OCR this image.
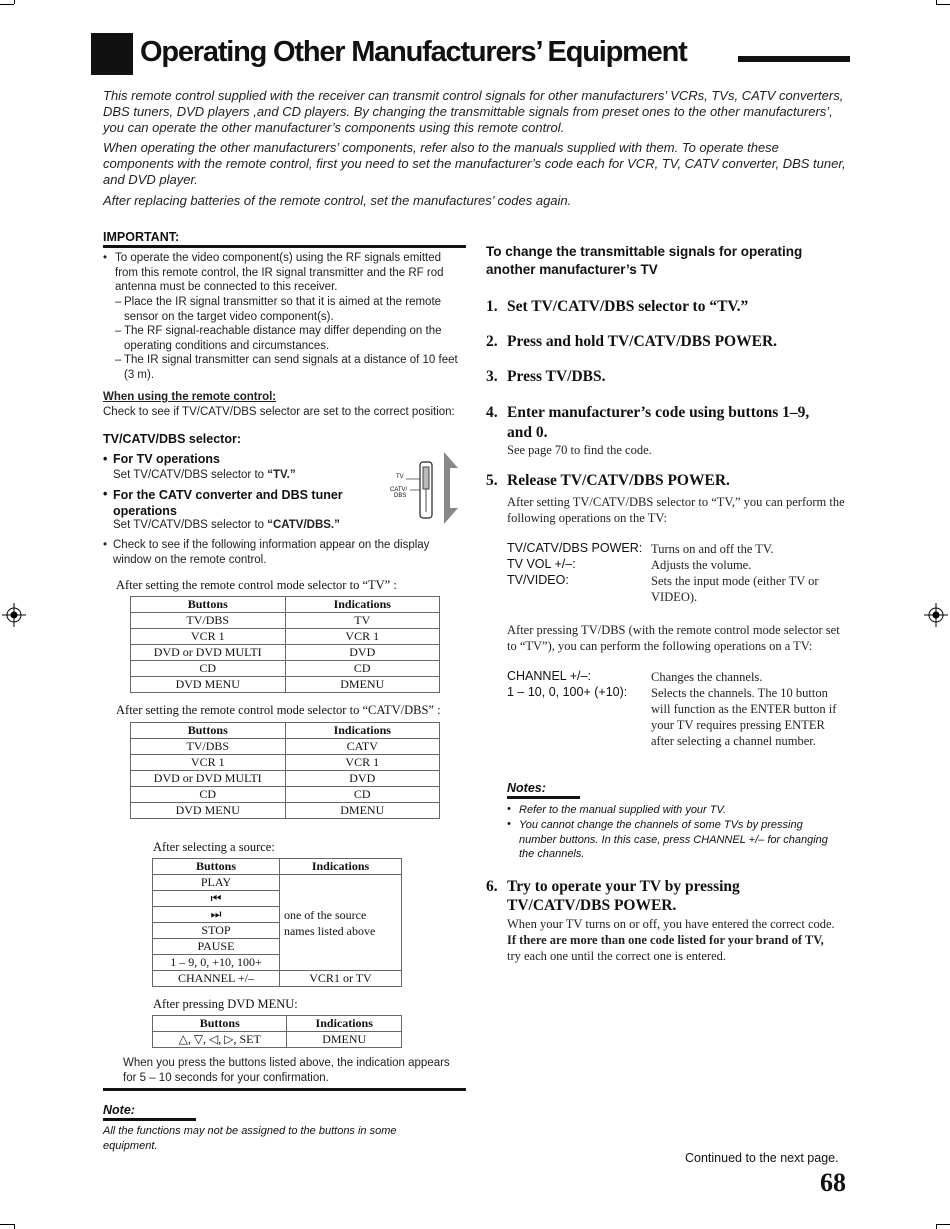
Operating Other Manufacturers’ Equipment
This remote control supplied with the receiver can transmit control signals for other manufacturers’ VCRs, TVs, CATV converters, DBS tuners, DVD players ,and CD players. By changing the transmittable signals from preset ones to the other manufacturers’, you can operate the other manufacturer’s components using this remote control.
When operating the other manufacturers’ components, refer also to the manuals supplied with them. To operate these components with the remote control, first you need to set the manufacturer’s code each for VCR, TV, CATV converter, DBS tuner, and DVD player.
After replacing batteries of the remote control, set the manufactures’ codes again.
IMPORTANT:
• To operate the video component(s) using the RF signals emitted from this remote control, the IR signal transmitter and the RF rod antenna must be connected to this receiver.
– Place the IR signal transmitter so that it is aimed at the remote sensor on the target video component(s).
– The RF signal-reachable distance may differ depending on the operating conditions and circumstances.
– The IR signal transmitter can send signals at a distance of 10 feet (3 m).
When using the remote control:
Check to see if TV/CATV/DBS selector are set to the correct position:
TV/CATV/DBS selector:
• For TV operations
Set TV/CATV/DBS selector to “TV.”
• For the CATV converter and DBS tuner operations
Set TV/CATV/DBS selector to “CATV/DBS.”
TV
CATV/
DBS
• Check to see if the following information appear on the display window on the remote control.
After setting the remote control mode selector to “TV” :
Buttons	Indications
TV/DBS	TV
VCR 1	VCR 1
DVD or DVD MULTI	DVD
CD	CD
DVD MENU	DMENU
After setting the remote control mode selector to “CATV/DBS” :
Buttons	Indications
TV/DBS	CATV
VCR 1	VCR 1
DVD or DVD MULTI	DVD
CD	CD
DVD MENU	DMENU
After selecting a source:
Buttons	Indications
PLAY	one of the source names listed above
⏮	
⏭	
STOP	
PAUSE	
1 – 9, 0, +10, 100+	
CHANNEL +/–	VCR1 or TV
After pressing DVD MENU:
Buttons	Indications
△, ▽, ◁, ▷, SET	DMENU
When you press the buttons listed above, the indication appears for 5 – 10 seconds for your confirmation.
Note:
All the functions may not be assigned to the buttons in some equipment.
To change the transmittable signals for operating another manufacturer’s TV
1. Set TV/CATV/DBS selector to “TV.”
2. Press and hold TV/CATV/DBS POWER.
3. Press TV/DBS.
4. Enter manufacturer’s code using buttons 1–9, and 0.
See page 70 to find the code.
5. Release TV/CATV/DBS POWER.
After setting TV/CATV/DBS selector to “TV,” you can perform the following operations on the TV:
TV/CATV/DBS POWER: Turns on and off the TV.
TV VOL +/–:	Adjusts the volume.
TV/VIDEO:	Sets the input mode (either TV or VIDEO).
After pressing TV/DBS (with the remote control mode selector set to “TV”), you can perform the following operations on a TV:
CHANNEL +/–:	Changes the channels.
1 – 10, 0, 100+ (+10): Selects the channels. The 10 button will function as the ENTER button if your TV requires pressing ENTER after selecting a channel number.
Notes:
• Refer to the manual supplied with your TV.
• You cannot change the channels of some TVs by pressing number buttons. In this case, press CHANNEL +/– for changing the channels.
6. Try to operate your TV by pressing TV/CATV/DBS POWER.
When your TV turns on or off, you have entered the correct code.
If there are more than one code listed for your brand of TV,
try each one until the correct one is entered.
Continued to the next page.
68
